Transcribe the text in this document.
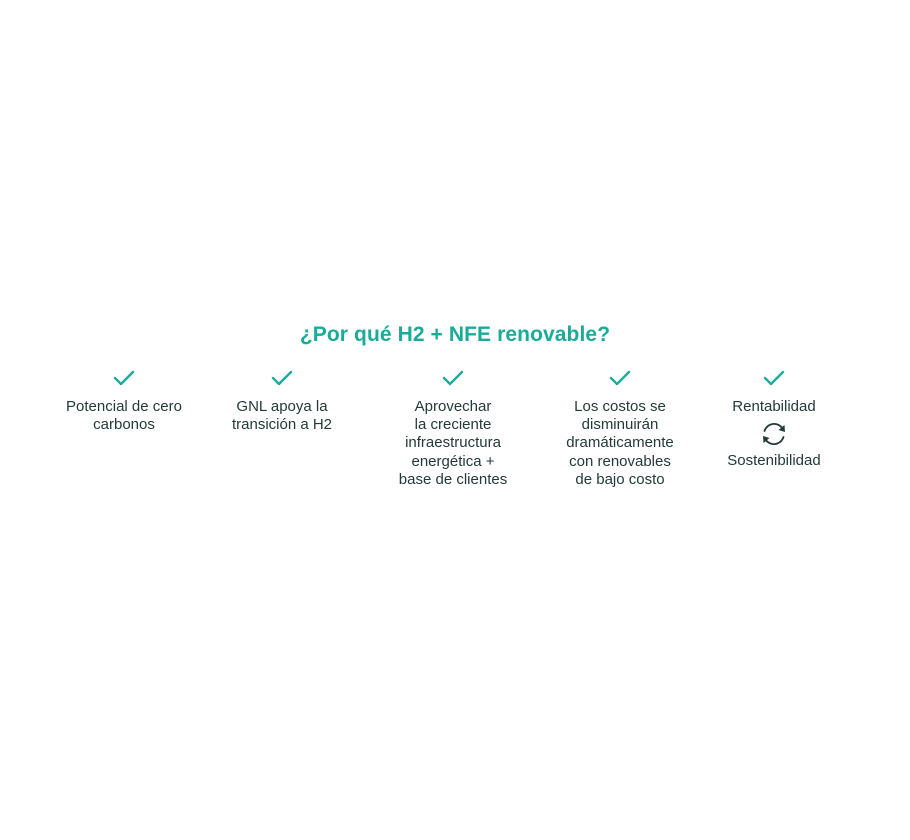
¿Por qué H2 + NFE renovable?
Potencial de cero
carbonos
GNL apoya la
transición a H2
Aprovechar
la creciente
infraestructura
energética +
base de clientes
Los costos se
disminuirán
dramáticamente
con renovables
de bajo costo
Rentabilidad
Sostenibilidad
